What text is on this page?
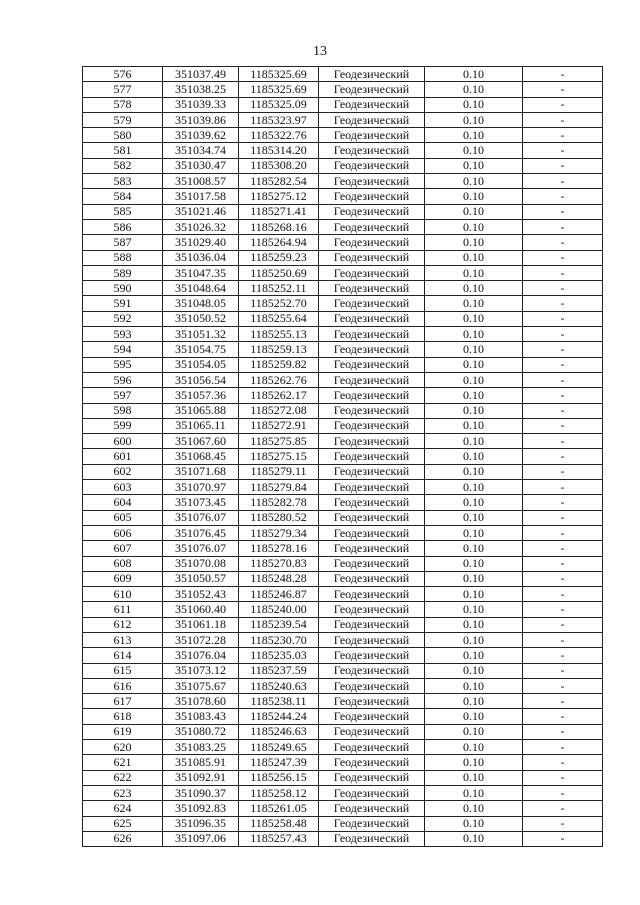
13
576	351037.49	1185325.69	Геодезический	0.10	-
577	351038.25	1185325.69	Геодезический	0.10	-
578	351039.33	1185325.09	Геодезический	0.10	-
579	351039.86	1185323.97	Геодезический	0.10	-
580	351039.62	1185322.76	Геодезический	0.10	-
581	351034.74	1185314.20	Геодезический	0.10	-
582	351030.47	1185308.20	Геодезический	0.10	-
583	351008.57	1185282.54	Геодезический	0.10	-
584	351017.58	1185275.12	Геодезический	0.10	-
585	351021.46	1185271.41	Геодезический	0.10	-
586	351026.32	1185268.16	Геодезический	0.10	-
587	351029.40	1185264.94	Геодезический	0.10	-
588	351036.04	1185259.23	Геодезический	0.10	-
589	351047.35	1185250.69	Геодезический	0.10	-
590	351048.64	1185252.11	Геодезический	0.10	-
591	351048.05	1185252.70	Геодезический	0.10	-
592	351050.52	1185255.64	Геодезический	0.10	-
593	351051.32	1185255.13	Геодезический	0.10	-
594	351054.75	1185259.13	Геодезический	0.10	-
595	351054.05	1185259.82	Геодезический	0.10	-
596	351056.54	1185262.76	Геодезический	0.10	-
597	351057.36	1185262.17	Геодезический	0.10	-
598	351065.88	1185272.08	Геодезический	0.10	-
599	351065.11	1185272.91	Геодезический	0.10	-
600	351067.60	1185275.85	Геодезический	0.10	-
601	351068.45	1185275.15	Геодезический	0.10	-
602	351071.68	1185279.11	Геодезический	0.10	-
603	351070.97	1185279.84	Геодезический	0.10	-
604	351073.45	1185282.78	Геодезический	0.10	-
605	351076.07	1185280.52	Геодезический	0.10	-
606	351076.45	1185279.34	Геодезический	0.10	-
607	351076.07	1185278.16	Геодезический	0.10	-
608	351070.08	1185270.83	Геодезический	0.10	-
609	351050.57	1185248.28	Геодезический	0.10	-
610	351052.43	1185246.87	Геодезический	0.10	-
611	351060.40	1185240.00	Геодезический	0.10	-
612	351061.18	1185239.54	Геодезический	0.10	-
613	351072.28	1185230.70	Геодезический	0.10	-
614	351076.04	1185235.03	Геодезический	0.10	-
615	351073.12	1185237.59	Геодезический	0.10	-
616	351075.67	1185240.63	Геодезический	0.10	-
617	351078.60	1185238.11	Геодезический	0.10	-
618	351083.43	1185244.24	Геодезический	0.10	-
619	351080.72	1185246.63	Геодезический	0.10	-
620	351083.25	1185249.65	Геодезический	0.10	-
621	351085.91	1185247.39	Геодезический	0.10	-
622	351092.91	1185256.15	Геодезический	0.10	-
623	351090.37	1185258.12	Геодезический	0.10	-
624	351092.83	1185261.05	Геодезический	0.10	-
625	351096.35	1185258.48	Геодезический	0.10	-
626	351097.06	1185257.43	Геодезический	0.10	-
